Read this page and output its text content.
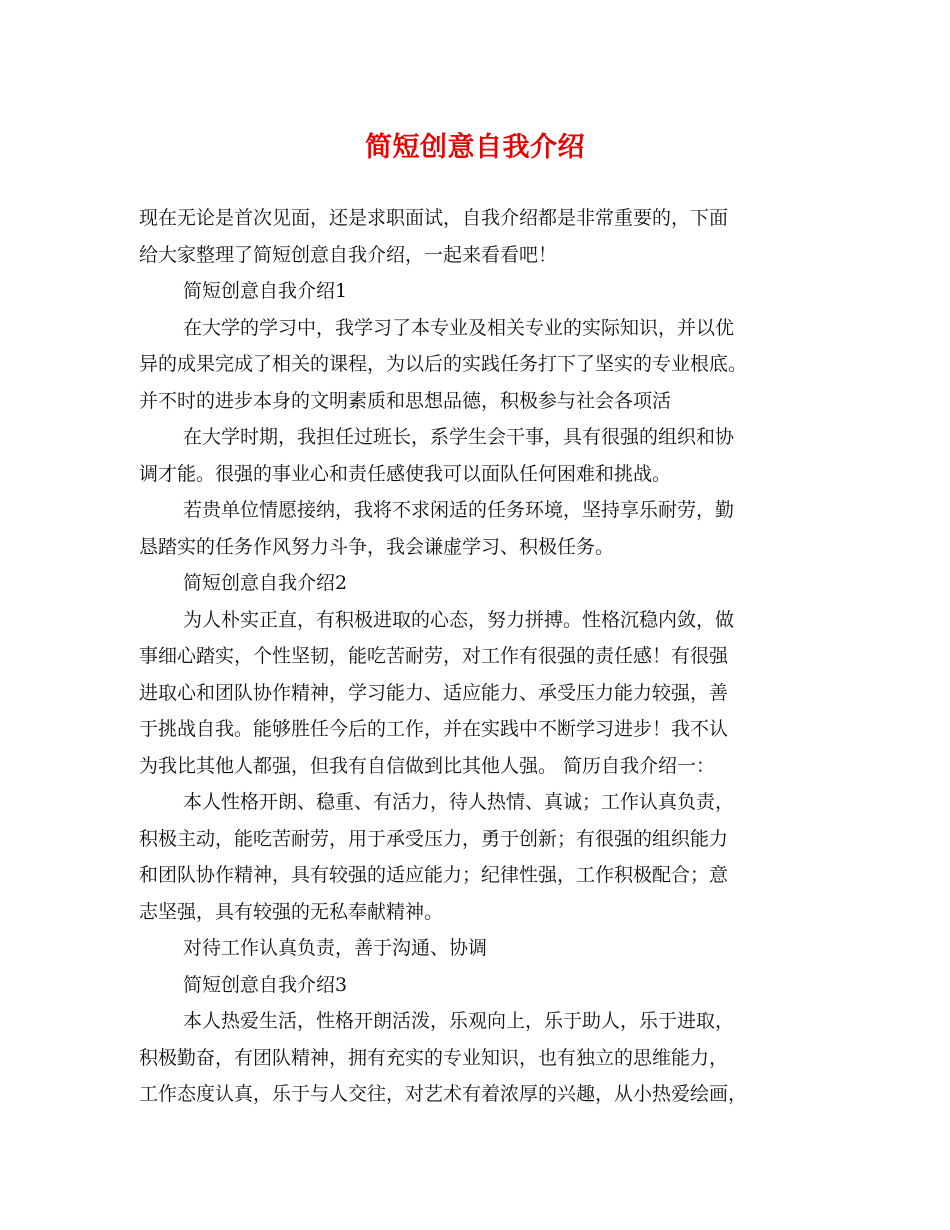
简短创意自我介绍
现在无论是首次见面，还是求职面试，自我介绍都是非常重要的，下面
给大家整理了简短创意自我介绍，一起来看看吧！
简短创意自我介绍1
在大学的学习中，我学习了本专业及相关专业的实际知识，并以优
异的成果完成了相关的课程，为以后的实践任务打下了坚实的专业根底。
并不时的进步本身的文明素质和思想品德，积极参与社会各项活
在大学时期，我担任过班长，系学生会干事，具有很强的组织和协
调才能。很强的事业心和责任感使我可以面队任何困难和挑战。
若贵单位情愿接纳，我将不求闲适的任务环境，坚持享乐耐劳，勤
恳踏实的任务作风努力斗争，我会谦虚学习、积极任务。
简短创意自我介绍2
为人朴实正直，有积极进取的心态，努力拼搏。性格沉稳内敛，做
事细心踏实，个性坚韧，能吃苦耐劳，对工作有很强的责任感！有很强
进取心和团队协作精神，学习能力、适应能力、承受压力能力较强，善
于挑战自我。能够胜任今后的工作，并在实践中不断学习进步！我不认
为我比其他人都强，但我有自信做到比其他人强。 简历自我介绍一：
本人性格开朗、稳重、有活力，待人热情、真诚；工作认真负责，
积极主动，能吃苦耐劳，用于承受压力，勇于创新；有很强的组织能力
和团队协作精神，具有较强的适应能力；纪律性强，工作积极配合；意
志坚强，具有较强的无私奉献精神。
对待工作认真负责，善于沟通、协调
简短创意自我介绍3
本人热爱生活，性格开朗活泼，乐观向上，乐于助人，乐于进取，
积极勤奋，有团队精神，拥有充实的专业知识，也有独立的思维能力，
工作态度认真，乐于与人交往，对艺术有着浓厚的兴趣，从小热爱绘画，
